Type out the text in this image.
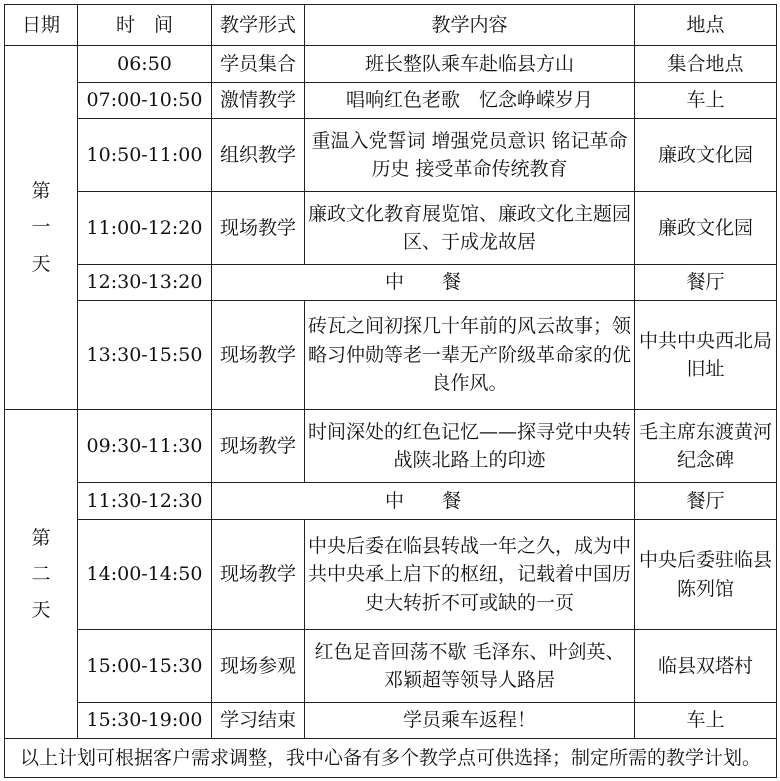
日期	时　间	教学形式	教学内容	地点
第一天	06:50	学员集合	班长整队乘车赴临县方山	集合地点
	07:00-10:50	激情教学	唱响红色老歌　忆念峥嵘岁月	车上
	10:50-11:00	组织教学	重温入党誓词 增强党员意识 铭记革命历史 接受革命传统教育	廉政文化园
	11:00-12:20	现场教学	廉政文化教育展览馆、廉政文化主题园区、于成龙故居	廉政文化园
	12:30-13:20	中　　餐		餐厅
	13:30-15:50	现场教学	砖瓦之间初探几十年前的风云故事；领略习仲勋等老一辈无产阶级革命家的优良作风。	中共中央西北局旧址
第二天	09:30-11:30	现场教学	时间深处的红色记忆——探寻党中央转战陕北路上的印迹	毛主席东渡黄河纪念碑
	11:30-12:30	中　　餐		餐厅
	14:00-14:50	现场教学	中央后委在临县转战一年之久，成为中共中央承上启下的枢纽，记载着中国历史大转折不可或缺的一页	中央后委驻临县陈列馆
	15:00-15:30	现场参观	红色足音回荡不歇 毛泽东、叶剑英、邓颖超等领导人路居	临县双塔村
	15:30-19:00	学习结束	学员乘车返程！	车上
以上计划可根据客户需求调整，我中心备有多个教学点可供选择；制定所需的教学计划。				
